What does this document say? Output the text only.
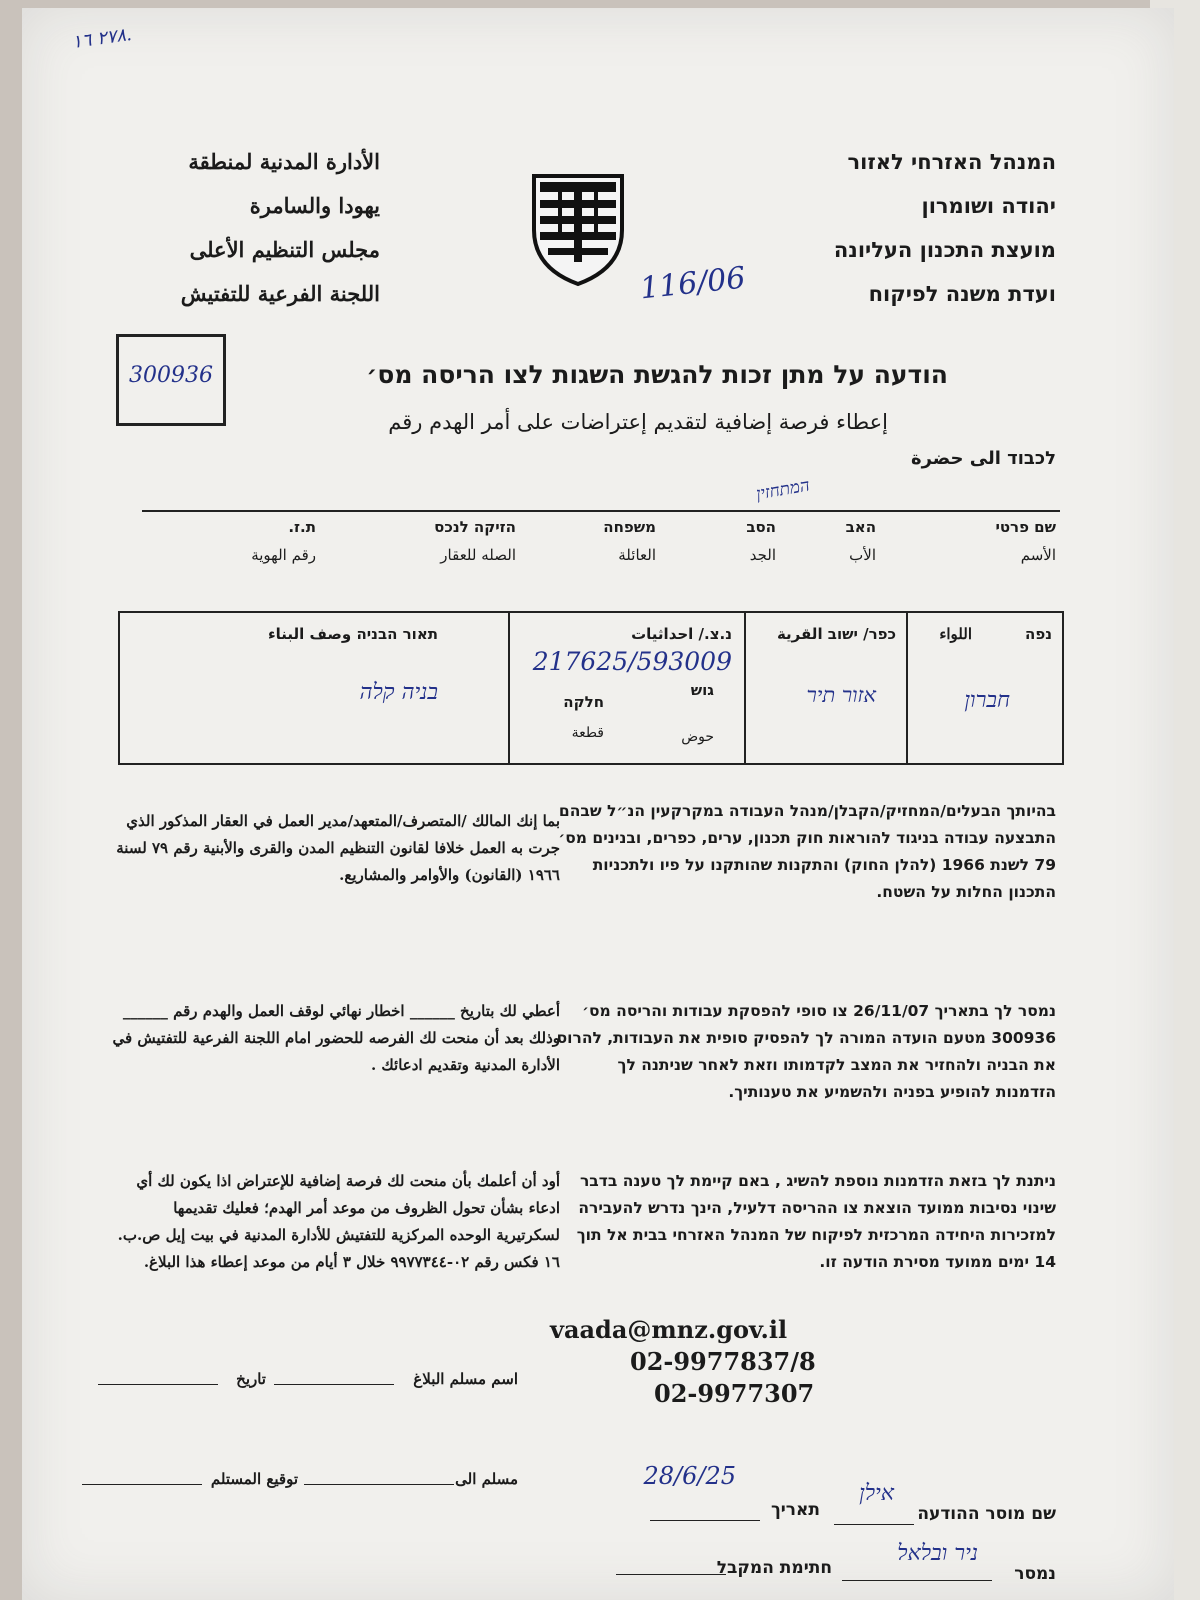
٢٧٨ ١٦.
המנהל האזרחי לאזור
יהודה ושומרון
מועצת התכנון העליונה
ועדת משנה לפיקוח
الأدارة المدنية لمنطقة
يهودا والسامرة
مجلس التنظيم الأعلى
اللجنة الفرعية للتفتيش	116/06
300936	הודעה על מתן זכות להגשת השגות לצו הריסה מס׳
إعطاء فرصة إضافية لتقديم إعتراضات على أمر الهدم رقم
לכבוד الى حضرة
המתחזין
שם פרטי
الأسم
האב
الأب
הסב
الجد
משפחה
العائلة
הזיקה לנכס
الصله للعقار
ת.ז.
رقم الهوية
נפה
اللواء
חברון
כפר/ ישוב القرية
אזור תיר
נ.צ./ احداثيات
217625/593009
גוש
חלקה
حوض
قطعة
תאור הבניה وصف البناء
בניה קלה
בהיותך הבעלים/המחזיק/הקבלן/מנהל העבודה במקרקעין הנ״ל שבהם התבצעה עבודה בניגוד להוראות חוק תכנון, ערים, כפרים, ובנינים מס׳ 79 לשנת 1966 (להלן החוק) והתקנות שהותקנו על פיו ולתכניות התכנון החלות על השטח.
بما إنك المالك /المتصرف/المتعهد/مدير العمل في العقار المذكور الذي جرت به العمل خلافا لقانون التنظيم المدن والقرى والأبنية رقم ٧٩ لسنة ١٩٦٦ (القانون) والأوامر والمشاريع.
נמסר לך בתאריך 26/11/07 צו סופי להפסקת עבודות והריסה מס׳ 300936 מטעם הועדה המורה לך להפסיק סופית את העבודות, להרוס את הבניה ולהחזיר את המצב לקדמותו וזאת לאחר שניתנה לך הזדמנות להופיע בפניה ולהשמיע את טענותיך.
أعطي لك بتاريخ ______ اخطار نهائي لوقف العمل والهدم رقم ______ وذلك بعد أن منحت لك الفرصه للحضور امام اللجنة الفرعية للتفتيش في الأدارة المدنية وتقديم ادعائك .
ניתנת לך בזאת הזדמנות נוספת להשיג , באם קיימת לך טענה בדבר שינוי נסיבות ממועד הוצאת צו ההריסה דלעיל, הינך נדרש להעבירה למזכירות היחידה המרכזית לפיקוח של המנהל האזרחי בבית אל תוך 14 ימים ממועד מסירת הודעה זו.
أود أن أعلمك بأن منحت لك فرصة إضافية للإعتراض اذا يكون لك أي ادعاء بشأن تحول الظروف من موعد أمر الهدم؛ فعليك تقديمها لسكرتيرية الوحده المركزية للتفتيش للأدارة المدنية في بيت إيل ص.ب. ١٦ فكس رقم ٠٢-٩٩٧٧٣٤٤ خلال ٣ أيام من موعد إعطاء هذا البلاغ.
vaada@mnz.gov.il
02-9977837/8
02-9977307
اسم مسلم البلاغ
تاريخ
مسلم الى
توقيع المستلم
שם מוסר ההודעה
אילן
תאריך
28/6/25
נמסר
ניר ובלאל
חתימת המקבל
